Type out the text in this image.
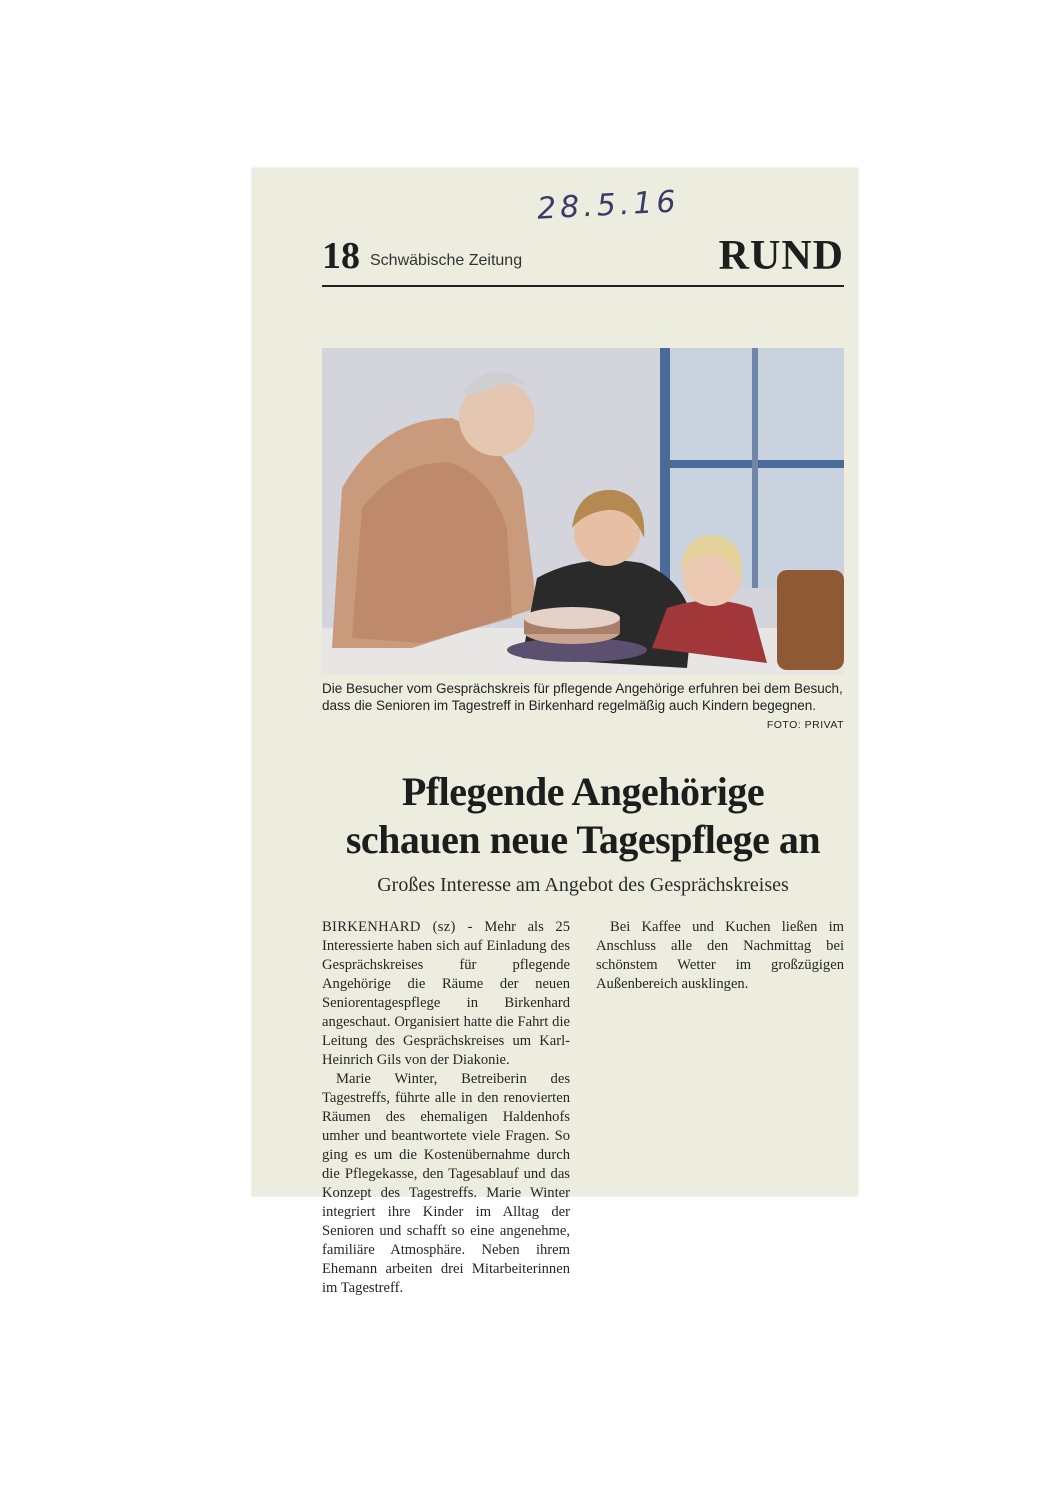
28.5.16
18 Schwäbische Zeitung	RUND
Die Besucher vom Gesprächskreis für pflegende Angehörige erfuhren bei dem Besuch, dass die Senioren im Tagestreff in Birkenhard regelmäßig auch Kindern begegnen.
FOTO: PRIVAT
Pflegende Angehörige
schauen neue Tagespflege an
Großes Interesse am Angebot des Gesprächskreises

BIRKENHARD (sz) - Mehr als 25 Interessierte haben sich auf Einladung des Gesprächskreises für pflegende Angehörige die Räume der neuen Seniorentagespflege in Birkenhard angeschaut. Organisiert hatte die Fahrt die Leitung des Gesprächskreises um Karl-Heinrich Gils von der Diakonie.

Marie Winter, Betreiberin des Tagestreffs, führte alle in den renovierten Räumen des ehemaligen Haldenhofs umher und beantwortete viele Fragen. So ging es um die Kostenübernahme durch die Pflegekasse, den Tagesablauf und das Konzept des Tagestreffs. Marie Winter integriert ihre Kinder im Alltag der Senioren und schafft so eine angenehme, familiäre Atmosphäre. Neben ihrem Ehemann arbeiten drei Mitarbeiterinnen im Tagestreff.

Bei Kaffee und Kuchen ließen im Anschluss alle den Nachmittag bei schönstem Wetter im großzügigen Außenbereich ausklingen.
